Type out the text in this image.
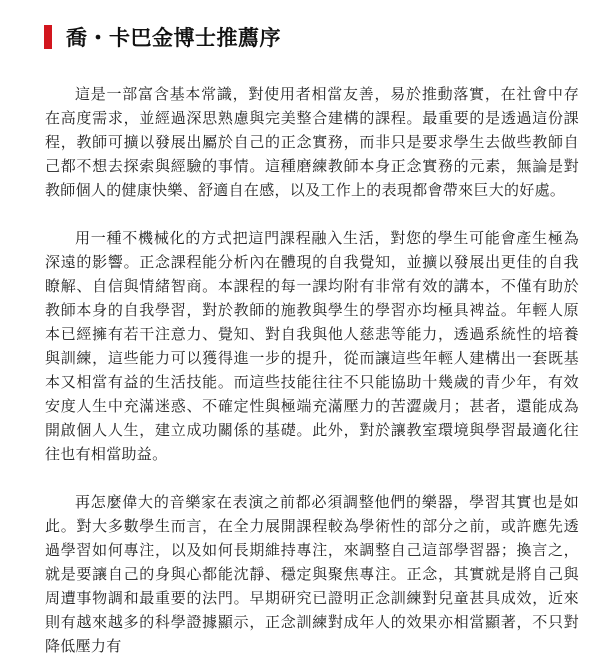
喬・卡巴金博士推薦序

這是一部富含基本常識，對使用者相當友善，易於推動落實，在社會中存在高度需求，並經過深思熟慮與完美整合建構的課程。最重要的是透過這份課程，教師可擴以發展出屬於自己的正念實務，而非只是要求學生去做些教師自己都不想去探索與經驗的事情。這種磨練教師本身正念實務的元素，無論是對教師個人的健康快樂、舒適自在感，以及工作上的表現都會帶來巨大的好處。

用一種不機械化的方式把這門課程融入生活，對您的學生可能會產生極為深遠的影響。正念課程能分析內在體現的自我覺知，並擴以發展出更佳的自我瞭解、自信與情緒智商。本課程的每一課均附有非常有效的講本，不僅有助於教師本身的自我學習，對於教師的施教與學生的學習亦均極具裨益。年輕人原本已經擁有若干注意力、覺知、對自我與他人慈悲等能力，透過系統性的培養與訓練，這些能力可以獲得進一步的提升，從而讓這些年輕人建構出一套既基本又相當有益的生活技能。而這些技能往往不只能協助十幾歲的青少年，有效安度人生中充滿迷惑、不確定性與極端充滿壓力的苦澀歲月；甚者，還能成為開啟個人人生，建立成功關係的基礎。此外，對於讓教室環境與學習最適化往往也有相當助益。

再怎麼偉大的音樂家在表演之前都必須調整他們的樂器，學習其實也是如此。對大多數學生而言，在全力展開課程較為學術性的部分之前，或許應先透過學習如何專注，以及如何長期維持專注，來調整自己這部學習器；換言之，就是要讓自己的身與心都能沈靜、穩定與聚焦專注。正念，其實就是將自己與周遭事物調和最重要的法門。早期研究已證明正念訓練對兒童甚具成效，近來則有越來越多的科學證據顯示，正念訓練對成年人的效果亦相當顯著，不只對降低壓力有
